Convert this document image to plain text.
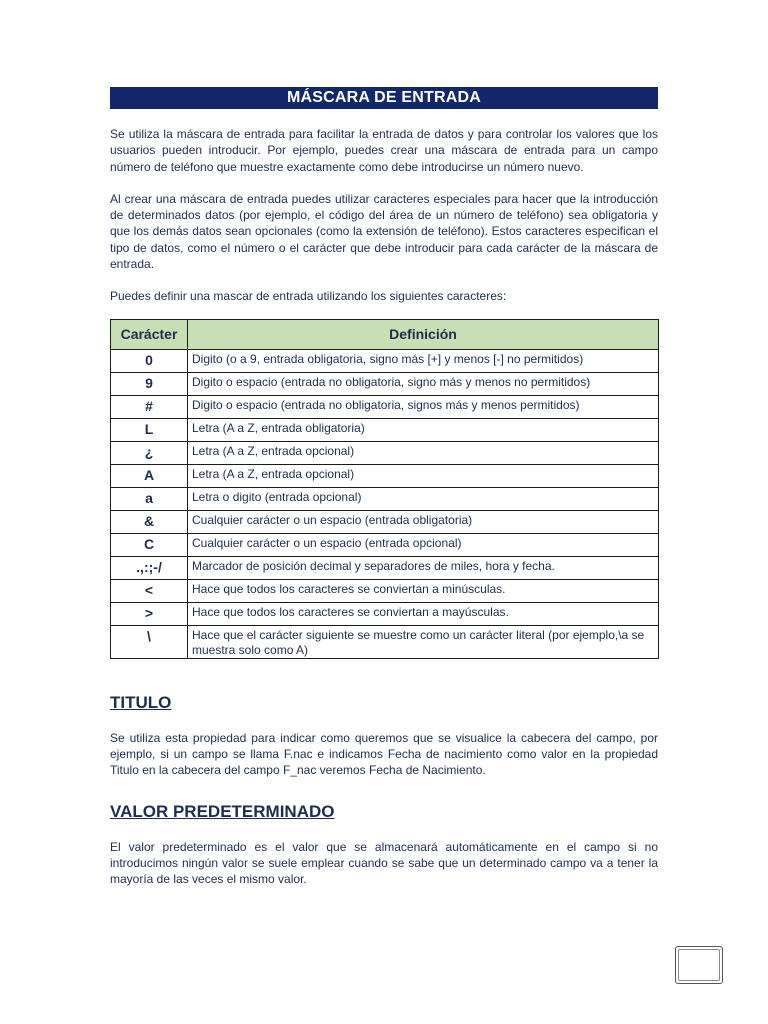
MÁSCARA DE ENTRADA

Se utiliza la máscara de entrada para facilitar la entrada de datos y para controlar los valores que los usuarios pueden introducir. Por ejemplo, puedes crear una máscara de entrada para un campo número de teléfono que muestre exactamente como debe introducirse un número nuevo.

Al crear una máscara de entrada puedes utilizar caracteres especiales para hacer que la introducción de determinados datos (por ejemplo, el código del área de un número de teléfono) sea obligatoria y que los demás datos sean opcionales (como la extensión de teléfono). Estos caracteres especifican el tipo de datos, como el número o el carácter que debe introducir para cada carácter de la máscara de entrada.

Puedes definir una mascar de entrada utilizando los siguientes caracteres:

Carácter	Definición
0	Digito (o a 9, entrada obligatoria, signo más [+] y menos [-] no permitidos)
9	Digito o espacio (entrada no obligatoria, signo más y menos no permitidos)
#	Digito o espacio (entrada no obligatoria, signos más y menos permitidos)
L	Letra (A a Z, entrada obligatoria)
¿	Letra (A a Z, entrada opcional)
A	Letra (A a Z, entrada opcional)
a	Letra o digito (entrada opcional)
&	Cualquier carácter o un espacio (entrada obligatoria)
C	Cualquier carácter o un espacio (entrada opcional)
.,:;-/	Marcador de posición decimal y separadores de miles, hora y fecha.
<	Hace que todos los caracteres se conviertan a minúsculas.
>	Hace que todos los caracteres se conviertan a mayúsculas.
\	Hace que el carácter siguiente se muestre como un carácter literal (por ejemplo,\a se muestra solo como A)
TITULO

Se utiliza esta propiedad para indicar como queremos que se visualice la cabecera del campo, por ejemplo, si un campo se llama F.nac e indicamos Fecha de nacimiento como valor en la propiedad Titulo en la cabecera del campo F_nac veremos Fecha de Nacimiento.

VALOR PREDETERMINADO

El valor predeterminado es el valor que se almacenará automáticamente en el campo si no introducimos ningún valor se suele emplear cuando se sabe que un determinado campo va a tener la mayoría de las veces el mismo valor.
